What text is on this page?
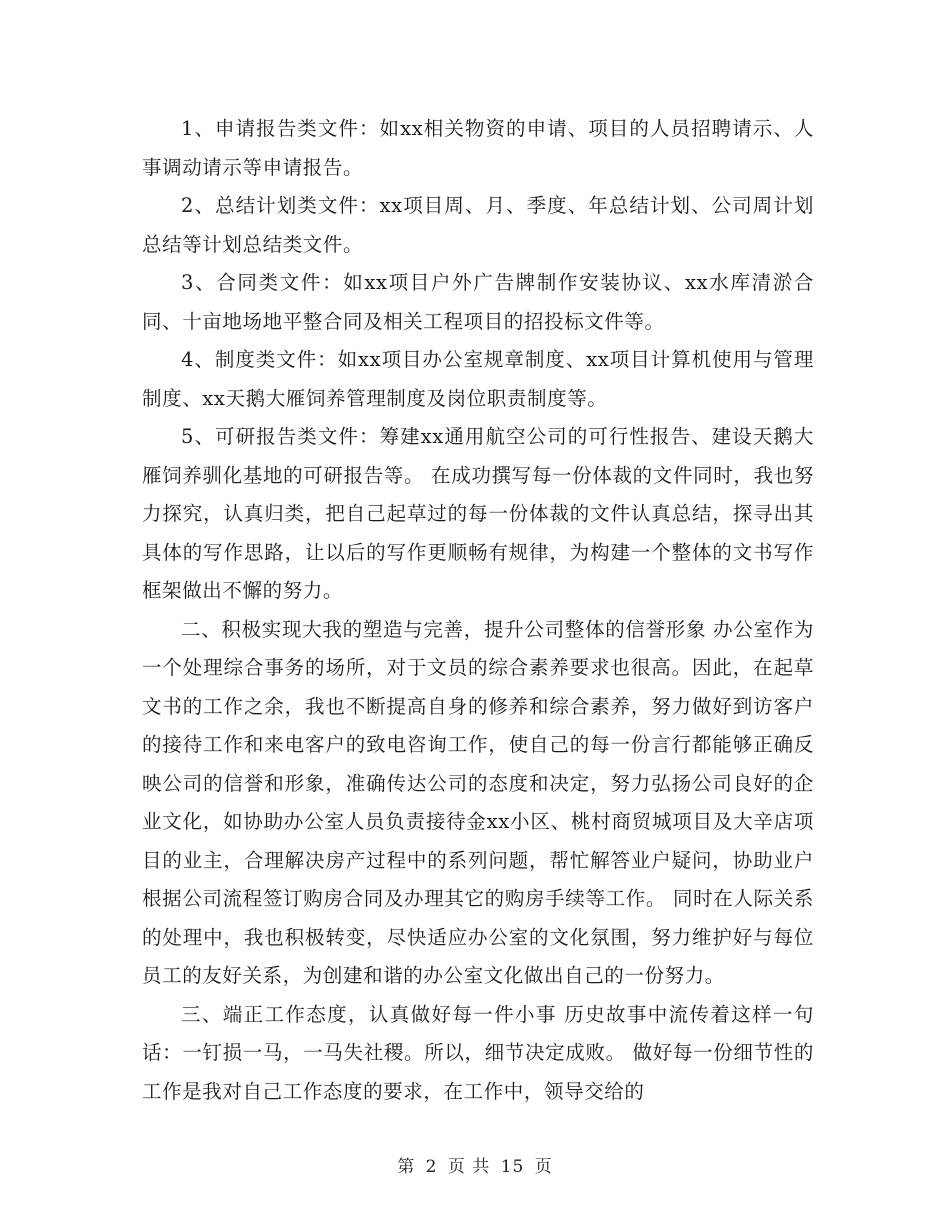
1、申请报告类文件：如xx相关物资的申请、项目的人员招聘请示、人事调动请示等申请报告。

2、总结计划类文件：xx项目周、月、季度、年总结计划、公司周计划总结等计划总结类文件。

3、合同类文件：如xx项目户外广告牌制作安装协议、xx水库清淤合同、十亩地场地平整合同及相关工程项目的招投标文件等。

4、制度类文件：如xx项目办公室规章制度、xx项目计算机使用与管理制度、xx天鹅大雁饲养管理制度及岗位职责制度等。

5、可研报告类文件：筹建xx通用航空公司的可行性报告、建设天鹅大雁饲养驯化基地的可研报告等。 在成功撰写每一份体裁的文件同时，我也努力探究，认真归类，把自己起草过的每一份体裁的文件认真总结，探寻出其具体的写作思路，让以后的写作更顺畅有规律，为构建一个整体的文书写作框架做出不懈的努力。

二、积极实现大我的塑造与完善，提升公司整体的信誉形象 办公室作为一个处理综合事务的场所，对于文员的综合素养要求也很高。因此，在起草文书的工作之余，我也不断提高自身的修养和综合素养，努力做好到访客户的接待工作和来电客户的致电咨询工作，使自己的每一份言行都能够正确反映公司的信誉和形象，准确传达公司的态度和决定，努力弘扬公司良好的企业文化，如协助办公室人员负责接待金xx小区、桃村商贸城项目及大辛店项目的业主，合理解决房产过程中的系列问题，帮忙解答业户疑问，协助业户根据公司流程签订购房合同及办理其它的购房手续等工作。 同时在人际关系的处理中，我也积极转变，尽快适应办公室的文化氛围，努力维护好与每位员工的友好关系，为创建和谐的办公室文化做出自己的一份努力。

三、端正工作态度，认真做好每一件小事 历史故事中流传着这样一句话：一钉损一马，一马失社稷。所以，细节决定成败。 做好每一份细节性的工作是我对自己工作态度的要求，在工作中，领导交给的

第 2 页 共 15 页
